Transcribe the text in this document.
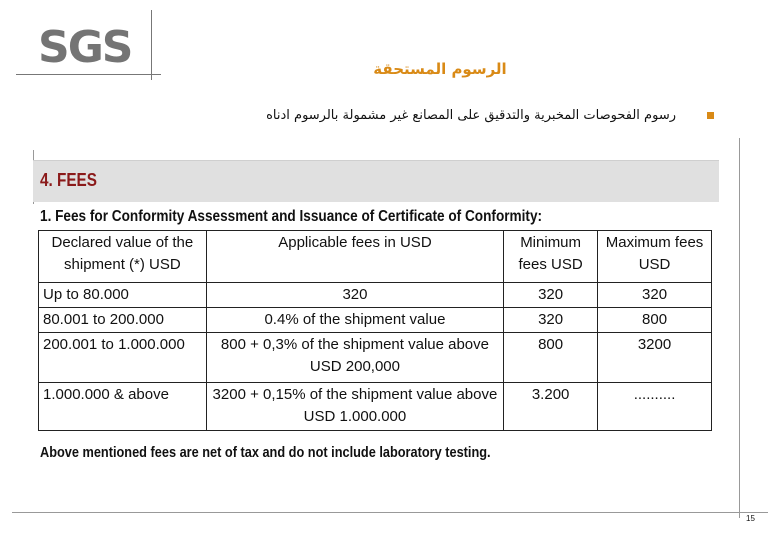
SGS	الرسوم المستحقة
رسوم الفحوصات المخبرية والتدقيق على المصانع غير مشمولة بالرسوم ادناه
4. FEES
1. Fees for Conformity Assessment and Issuance of Certificate of Conformity:
Declared value of the shipment (*) USD	Applicable fees in USD	Minimum fees USD	Maximum fees USD
Up to 80.000	320	320	320
80.001 to 200.000	0.4% of the shipment value	320	800
200.001 to 1.000.000	800 + 0,3% of the shipment value above USD 200,000	800	3200
1.000.000 & above	3200 + 0,15% of the shipment value above USD 1.000.000	3.200	..........
Above mentioned fees are net of tax and do not include laboratory testing.
15
